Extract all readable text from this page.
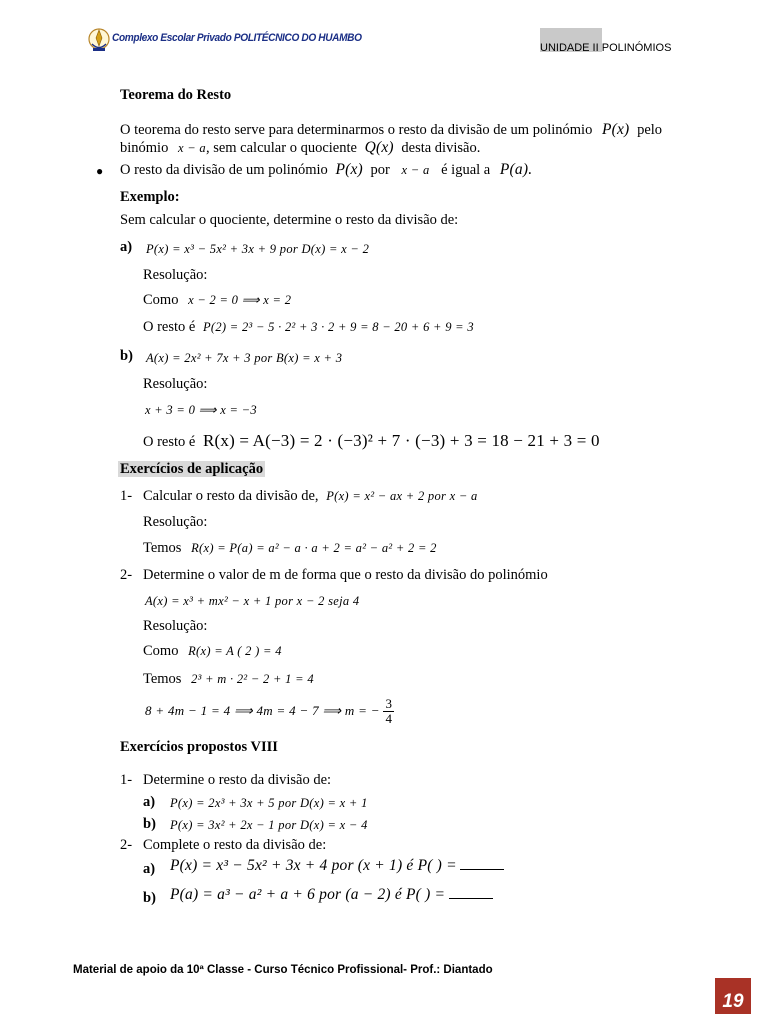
Complexo Escolar Privado POLITÉCNICO DO HUAMBO
UNIDADE II POLINÓMIOS
Teorema do Resto
O teorema do resto serve para determinarmos o resto da divisão de um polinómio P(x) pelo
binómio x − a, sem calcular o quociente Q(x) desta divisão.
● O resto da divisão de um polinómio P(x) por x − a é igual a P(a).
Exemplo:
Sem calcular o quociente, determine o resto da divisão de:
a) P(x) = x³ − 5x² + 3x + 9 por D(x) = x − 2
Resolução:
Como x − 2 = 0 ⟹ x = 2
O resto é P(2) = 2³ − 5 · 2² + 3 · 2 + 9 = 8 − 20 + 6 + 9 = 3
b) A(x) = 2x² + 7x + 3 por B(x) = x + 3
Resolução:
x + 3 = 0 ⟹ x = −3
O resto é R(x) = A(−3) = 2 · (−3)² + 7 · (−3) + 3 = 18 − 21 + 3 = 0
Exercícios de aplicação
1- Calcular o resto da divisão de, P(x) = x² − ax + 2 por x − a
Resolução:
Temos R(x) = P(a) = a² − a · a + 2 = a² − a² + 2 = 2
2- Determine o valor de m de forma que o resto da divisão do polinómio
A(x) = x³ + mx² − x + 1 por x − 2 seja 4
Resolução:
Como R(x) = A ( 2 ) = 4
Temos 2³ + m · 2² − 2 + 1 = 4
8 + 4m − 1 = 4 ⟹ 4m = 4 − 7 ⟹ m = − $\frac{3}{4}$
Exercícios propostos VIII
1- Determine o resto da divisão de:
a) P(x) = 2x³ + 3x + 5 por D(x) = x + 1
b) P(x) = 3x² + 2x − 1 por D(x) = x − 4
2- Complete o resto da divisão de:
a) P(x) = x³ − 5x² + 3x + 4 por (x + 1) é P( ) =
b) P(a) = a³ − a² + a + 6 por (a − 2) é P( ) =
Material de apoio da 10ª Classe - Curso Técnico Profissional- Prof.: Diantado
19
